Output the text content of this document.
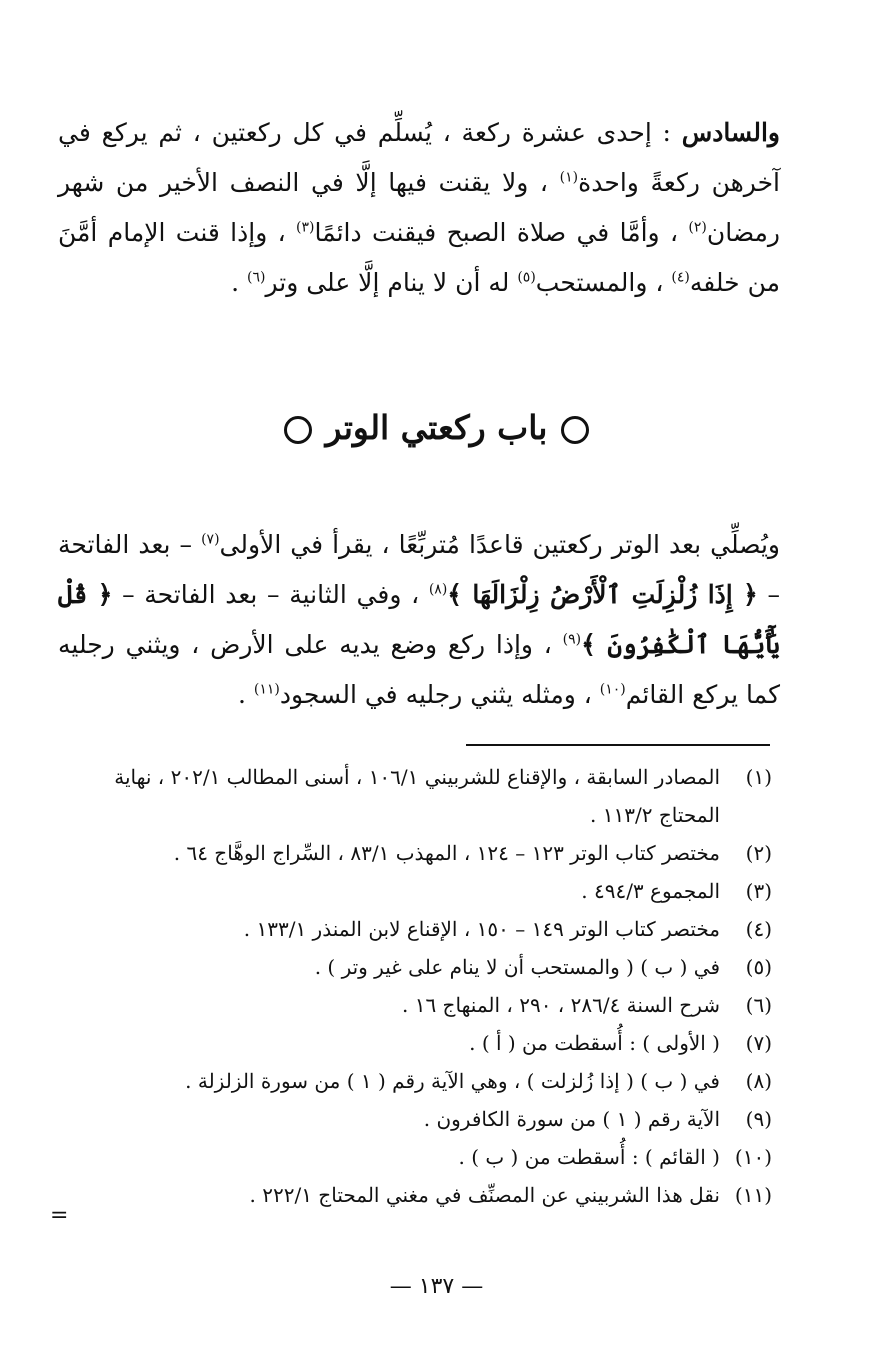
والسادس : إحدى عشرة ركعة ، يُسلِّم في كل ركعتين ، ثم يركع في آخرهن ركعةً واحدة$^{(١)}$ ، ولا يقنت فيها إلَّا في النصف الأخير من شهر رمضان$^{(٢)}$ ، وأمَّا في صلاة الصبح فيقنت دائمًا$^{(٣)}$ ، وإذا قنت الإمام أمَّنَ من خلفه$^{(٤)}$ ، والمستحب$^{(٥)}$ له أن لا ينام إلَّا على وتر$^{(٦)}$ .

باب ركعتي الوتر

ويُصلِّي بعد الوتر ركعتين قاعدًا مُتربِّعًا ، يقرأ في الأولى$^{(٧)}$ – بعد الفاتحة – ﴿ إِذَا زُلْزِلَتِ ٱلْأَرْضُ زِلْزَالَهَا ﴾$^{(٨)}$ ، وفي الثانية – بعد الفاتحة – ﴿ قُلْ يَٰٓأَيُّهَا ٱلْكَٰفِرُونَ ﴾$^{(٩)}$ ، وإذا ركع وضع يديه على الأرض ، ويثني رجليه كما يركع القائم$^{(١٠)}$ ، ومثله يثني رجليه في السجود$^{(١١)}$ .

(١)
المصادر السابقة ، والإقناع للشربيني ١٠٦/١ ، أسنى المطالب ٢٠٢/١ ، نهاية المحتاج ١١٣/٢ .
(٢)
مختصر كتاب الوتر ١٢٣ – ١٢٤ ، المهذب ٨٣/١ ، السِّراج الوهَّاج ٦٤ .
(٣)
المجموع ٤٩٤/٣ .
(٤)
مختصر كتاب الوتر ١٤٩ – ١٥٠ ، الإقناع لابن المنذر ١٣٣/١ .
(٥)
في ( ب ) ( والمستحب أن لا ينام على غير وتر ) .
(٦)
شرح السنة ٢٨٦/٤ ، ٢٩٠ ، المنهاج ١٦ .
(٧)
( الأولى ) : أُسقطت من ( أ ) .
(٨)
في ( ب ) ( إذا زُلزلت ) ، وهي الآية رقم ( ١ ) من سورة الزلزلة .
(٩)
الآية رقم ( ١ ) من سورة الكافرون .
(١٠)
( القائم ) : أُسقطت من ( ب ) .
(١١)
نقل هذا الشربيني عن المصنِّف في مغني المحتاج ٢٢٢/١ .
=
— ١٣٧ —
